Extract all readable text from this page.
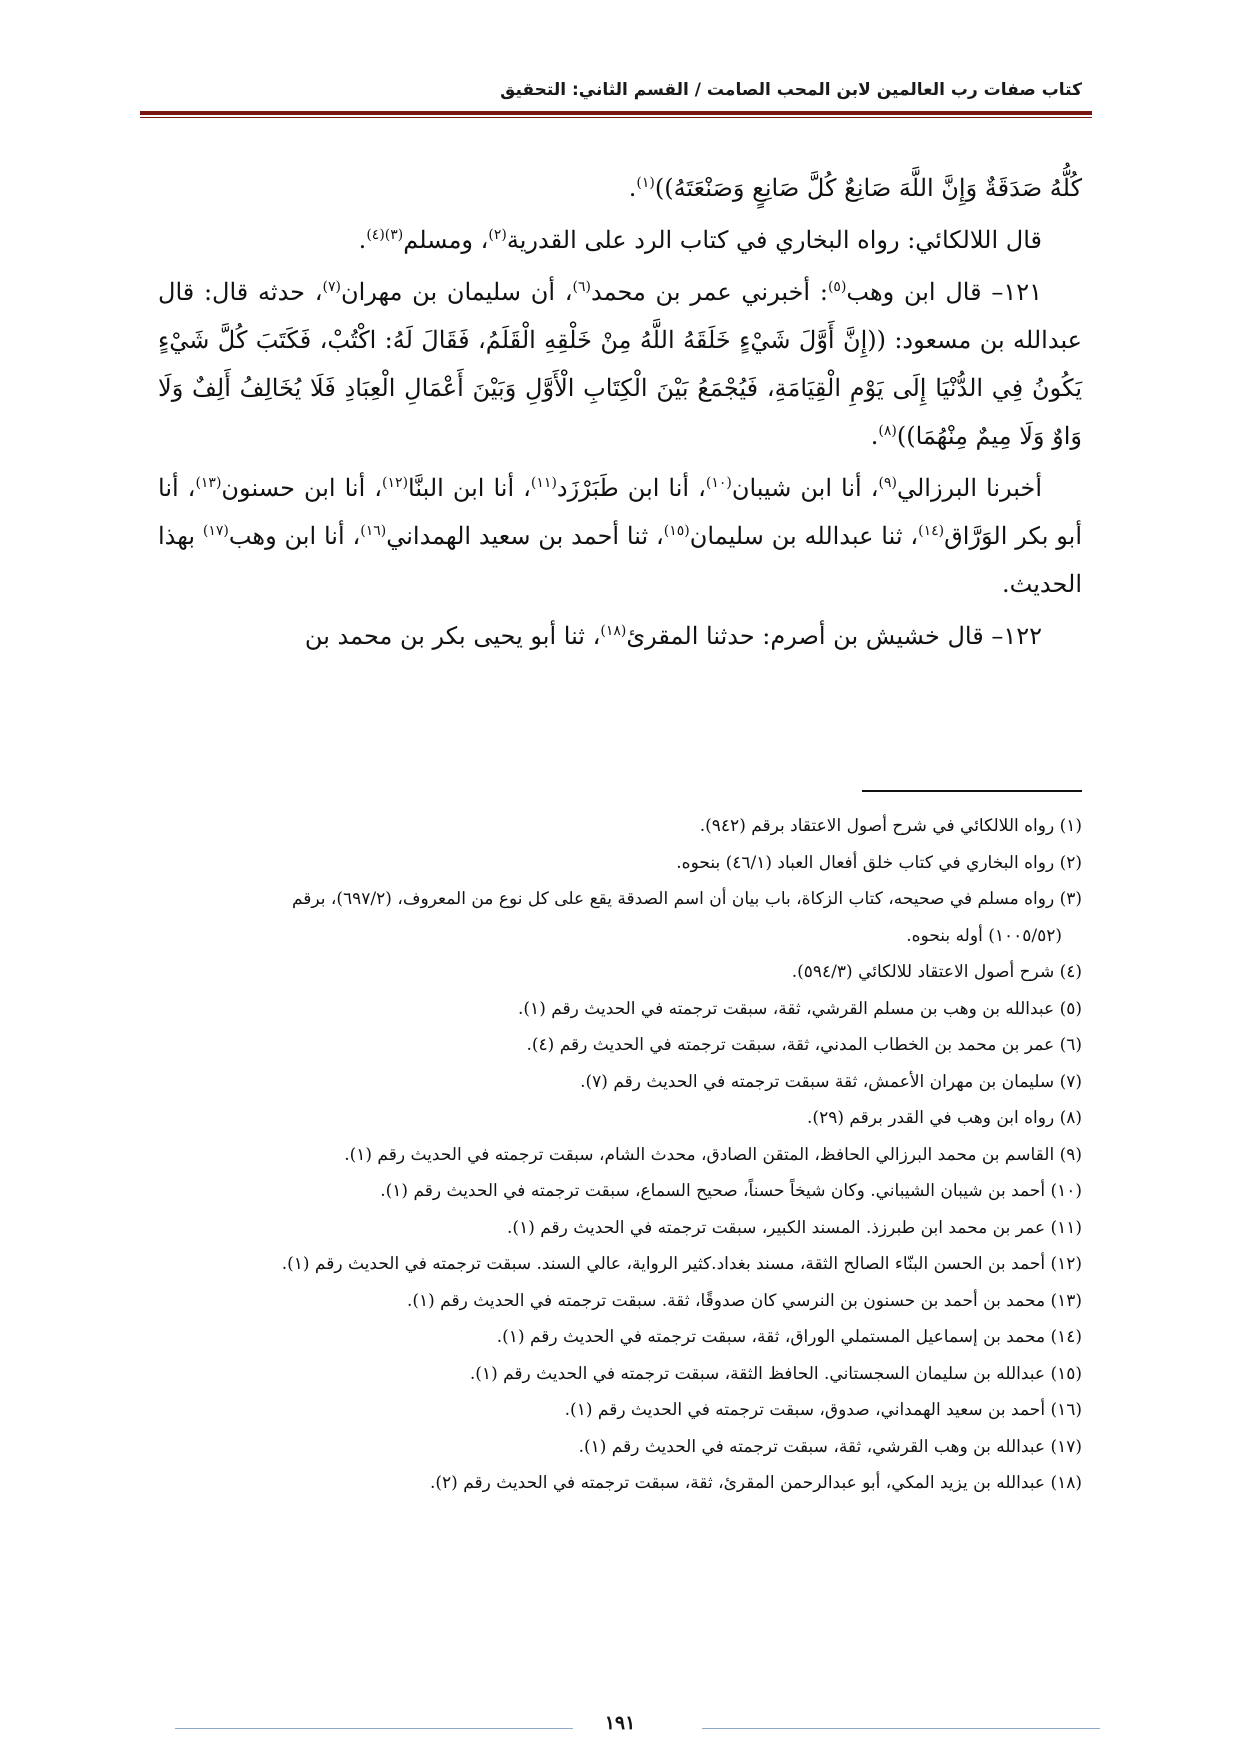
كتاب صفات رب العالمين لابن المحب الصامت / القسم الثاني: التحقيق

كُلُّهُ صَدَقَةٌ وَإِنَّ اللَّهَ صَانِعٌ كُلَّ صَانِعٍ وَصَنْعَتَهُ))$^{(١)}$.

قال اللالكائي: رواه البخاري في كتاب الرد على القدرية$^{(٢)}$، ومسلم$^{(٣)(٤)}$.

١٢١– قال ابن وهب$^{(٥)}$: أخبرني عمر بن محمد$^{(٦)}$، أن سليمان بن مهران$^{(٧)}$، حدثه قال: قال عبدالله بن مسعود: ((إِنَّ أَوَّلَ شَيْءٍ خَلَقَهُ اللَّهُ مِنْ خَلْقِهِ الْقَلَمُ، فَقَالَ لَهُ: اكْتُبْ، فَكَتَبَ كُلَّ شَيْءٍ يَكُونُ فِي الدُّنْيَا إِلَى يَوْمِ الْقِيَامَةِ، فَيُجْمَعُ بَيْنَ الْكِتَابِ الْأَوَّلِ وَبَيْنَ أَعْمَالِ الْعِبَادِ فَلَا يُخَالِفُ أَلِفٌ وَلَا وَاوٌ وَلَا مِيمٌ مِنْهُمَا))$^{(٨)}$.

أخبرنا البرزالي$^{(٩)}$، أنا ابن شيبان$^{(١٠)}$، أنا ابن طَبَرْزَد$^{(١١)}$، أنا ابن البنَّا$^{(١٢)}$، أنا ابن حسنون$^{(١٣)}$، أنا أبو بكر الوَرَّاق$^{(١٤)}$، ثنا عبدالله بن سليمان$^{(١٥)}$، ثنا أحمد بن سعيد الهمداني$^{(١٦)}$، أنا ابن وهب$^{(١٧)}$ بهذا الحديث.

١٢٢– قال خشيش بن أصرم: حدثنا المقرئ$^{(١٨)}$، ثنا أبو يحيى بكر بن محمد بن

(١) رواه اللالكائي في شرح أصول الاعتقاد برقم (٩٤٢).

(٢) رواه البخاري في كتاب خلق أفعال العباد (٤٦/١) بنحوه.

(٣) رواه مسلم في صحيحه، كتاب الزكاة، باب بيان أن اسم الصدقة يقع على كل نوع من المعروف، (٦٩٧/٢)، برقم

(١٠٠٥/٥٢) أوله بنحوه.

(٤) شرح أصول الاعتقاد للالكائي (٥٩٤/٣).

(٥) عبدالله بن وهب بن مسلم القرشي، ثقة، سبقت ترجمته في الحديث رقم (١).

(٦) عمر بن محمد بن الخطاب المدني، ثقة، سبقت ترجمته في الحديث رقم (٤).

(٧) سليمان بن مهران الأعمش، ثقة سبقت ترجمته في الحديث رقم (٧).

(٨) رواه ابن وهب في القدر برقم (٢٩).

(٩) القاسم بن محمد البرزالي الحافظ، المتقن الصادق، محدث الشام، سبقت ترجمته في الحديث رقم (١).

(١٠) أحمد بن شيبان الشيباني. وكان شيخاً حسناً، صحيح السماع، سبقت ترجمته في الحديث رقم (١).

(١١) عمر بن محمد ابن طبرزذ. المسند الكبير، سبقت ترجمته في الحديث رقم (١).

(١٢) أحمد بن الحسن البنّاء الصالح الثقة، مسند بغداد.كثير الرواية، عالي السند. سبقت ترجمته في الحديث رقم (١).

(١٣) محمد بن أحمد بن حسنون بن النرسي كان صدوقًا، ثقة. سبقت ترجمته في الحديث رقم (١).

(١٤) محمد بن إسماعيل المستملي الوراق، ثقة، سبقت ترجمته في الحديث رقم (١).

(١٥) عبدالله بن سليمان السجستاني. الحافظ الثقة، سبقت ترجمته في الحديث رقم (١).

(١٦) أحمد بن سعيد الهمداني، صدوق، سبقت ترجمته في الحديث رقم (١).

(١٧) عبدالله بن وهب القرشي، ثقة، سبقت ترجمته في الحديث رقم (١).

(١٨) عبدالله بن يزيد المكي، أبو عبدالرحمن المقرئ، ثقة، سبقت ترجمته في الحديث رقم (٢).

١٩١
